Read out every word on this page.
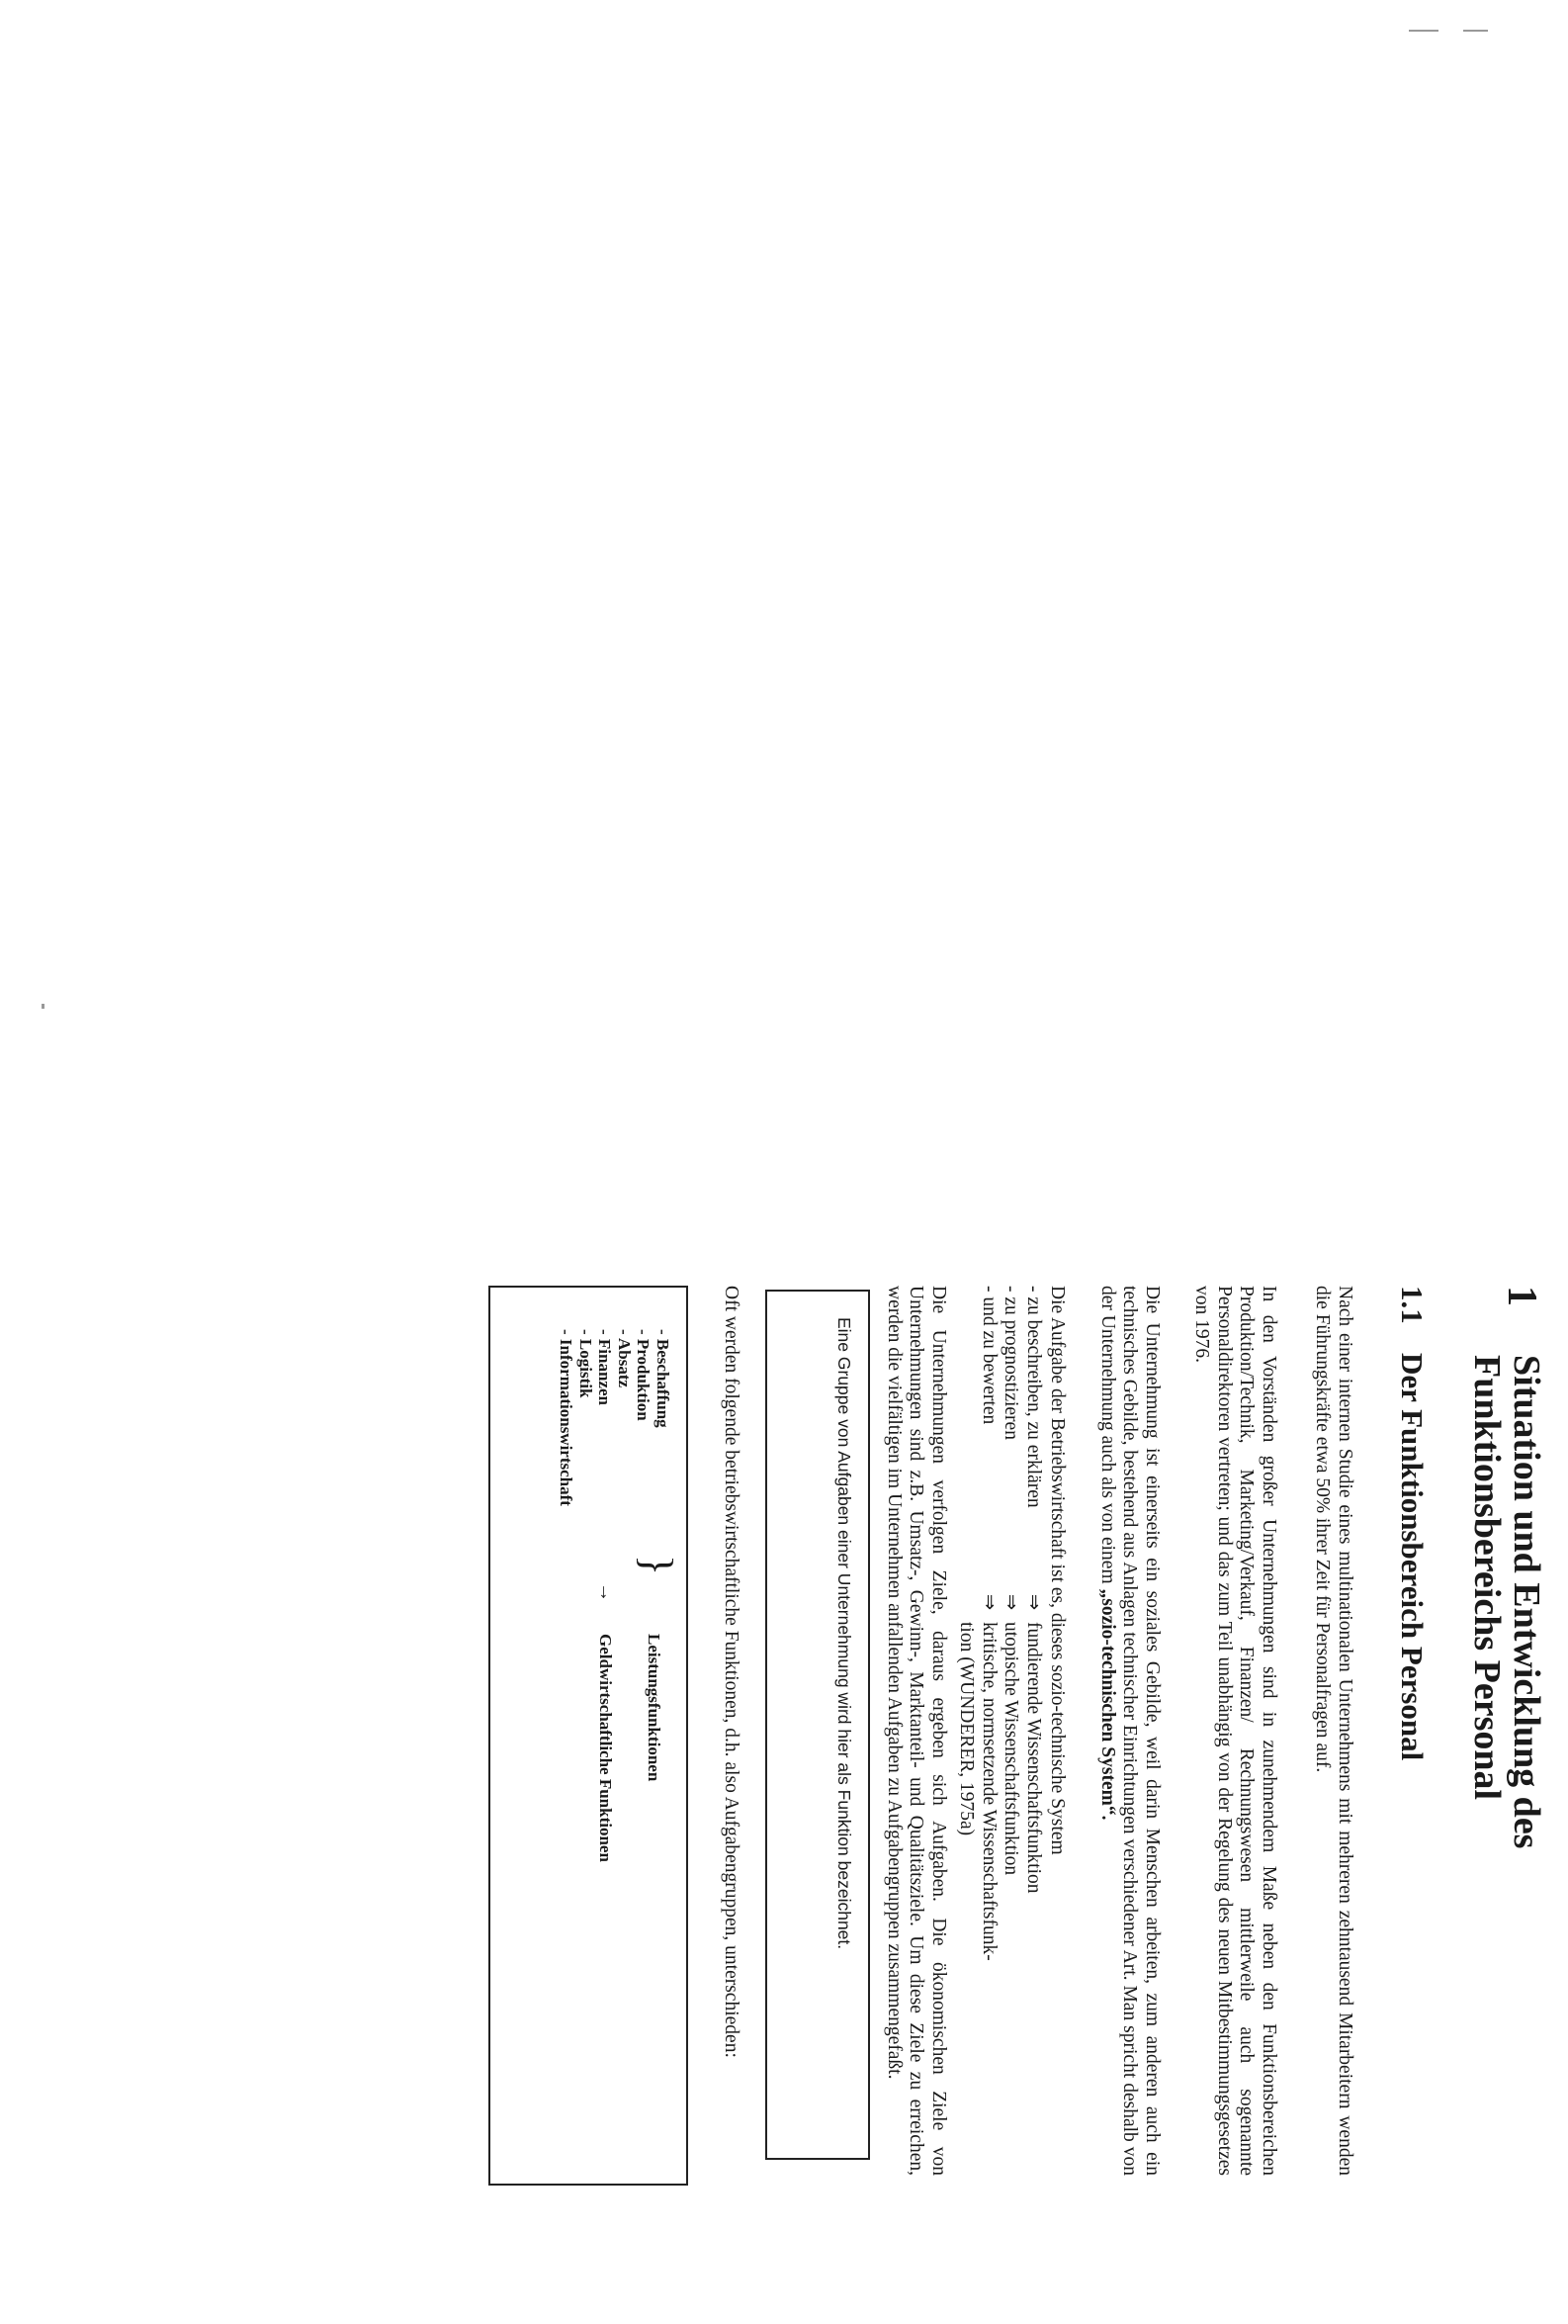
1
Situation und Entwicklung des
Funktionsbereichs Personal
1.1
Der Funktionsbereich Personal
Nach einer internen Studie eines multinationalen Unternehmens mit mehreren zehntausend Mitarbeitern wenden die Führungskräfte etwa 50% ihrer Zeit für Personalfragen auf.
In den Vorständen großer Unternehmungen sind in zunehmendem Maße neben den Funktionsbereichen Produktion/Technik, Marketing/Verkauf, Finanzen/ Rechnungswesen mittlerweile auch sogenannte Personaldirektoren vertreten; und das zum Teil unabhängig von der Regelung des neuen Mitbestimmungsgesetzes von 1976.
Die Unternehmung ist einerseits ein soziales Gebilde, weil darin Menschen arbeiten, zum anderen auch ein technisches Gebilde, bestehend aus Anlagen technischer Einrichtungen verschiedener Art. Man spricht deshalb von der Unternehmung auch als von einem „sozio-technischen System“.
Die Aufgabe der Betriebswirtschaft ist es, dieses sozio-technische System
- zu beschreiben, zu erklären
⇒
fundierende Wissenschaftsfunktion
- zu prognostizieren
⇒
utopische Wissenschaftsfunktion
- und zu bewerten
⇒
kritische, normsetzende Wissenschaftsfunk-
tion (WUNDERER, 1975a)
Die Unternehmungen verfolgen Ziele, daraus ergeben sich Aufgaben. Die ökonomischen Ziele von Unternehmungen sind z.B. Umsatz-, Gewinn-, Marktanteil- und Qualitätsziele. Um diese Ziele zu erreichen, werden die vielfältigen im Unternehmen anfallenden Aufgaben zu Aufgabengruppen zusammengefaßt.
Eine Gruppe von Aufgaben einer Unternehmung wird hier als Funktion bezeichnet.
Oft werden folgende betriebswirtschaftliche Funktionen, d.h. also Aufgabengruppen, unterschieden:
- Beschaffung
- Produktion
- Absatz
- Finanzen
- Logistik
- Informationswirtschaft
}
Leistungsfunktionen
→
Geldwirtschaftliche Funktionen
